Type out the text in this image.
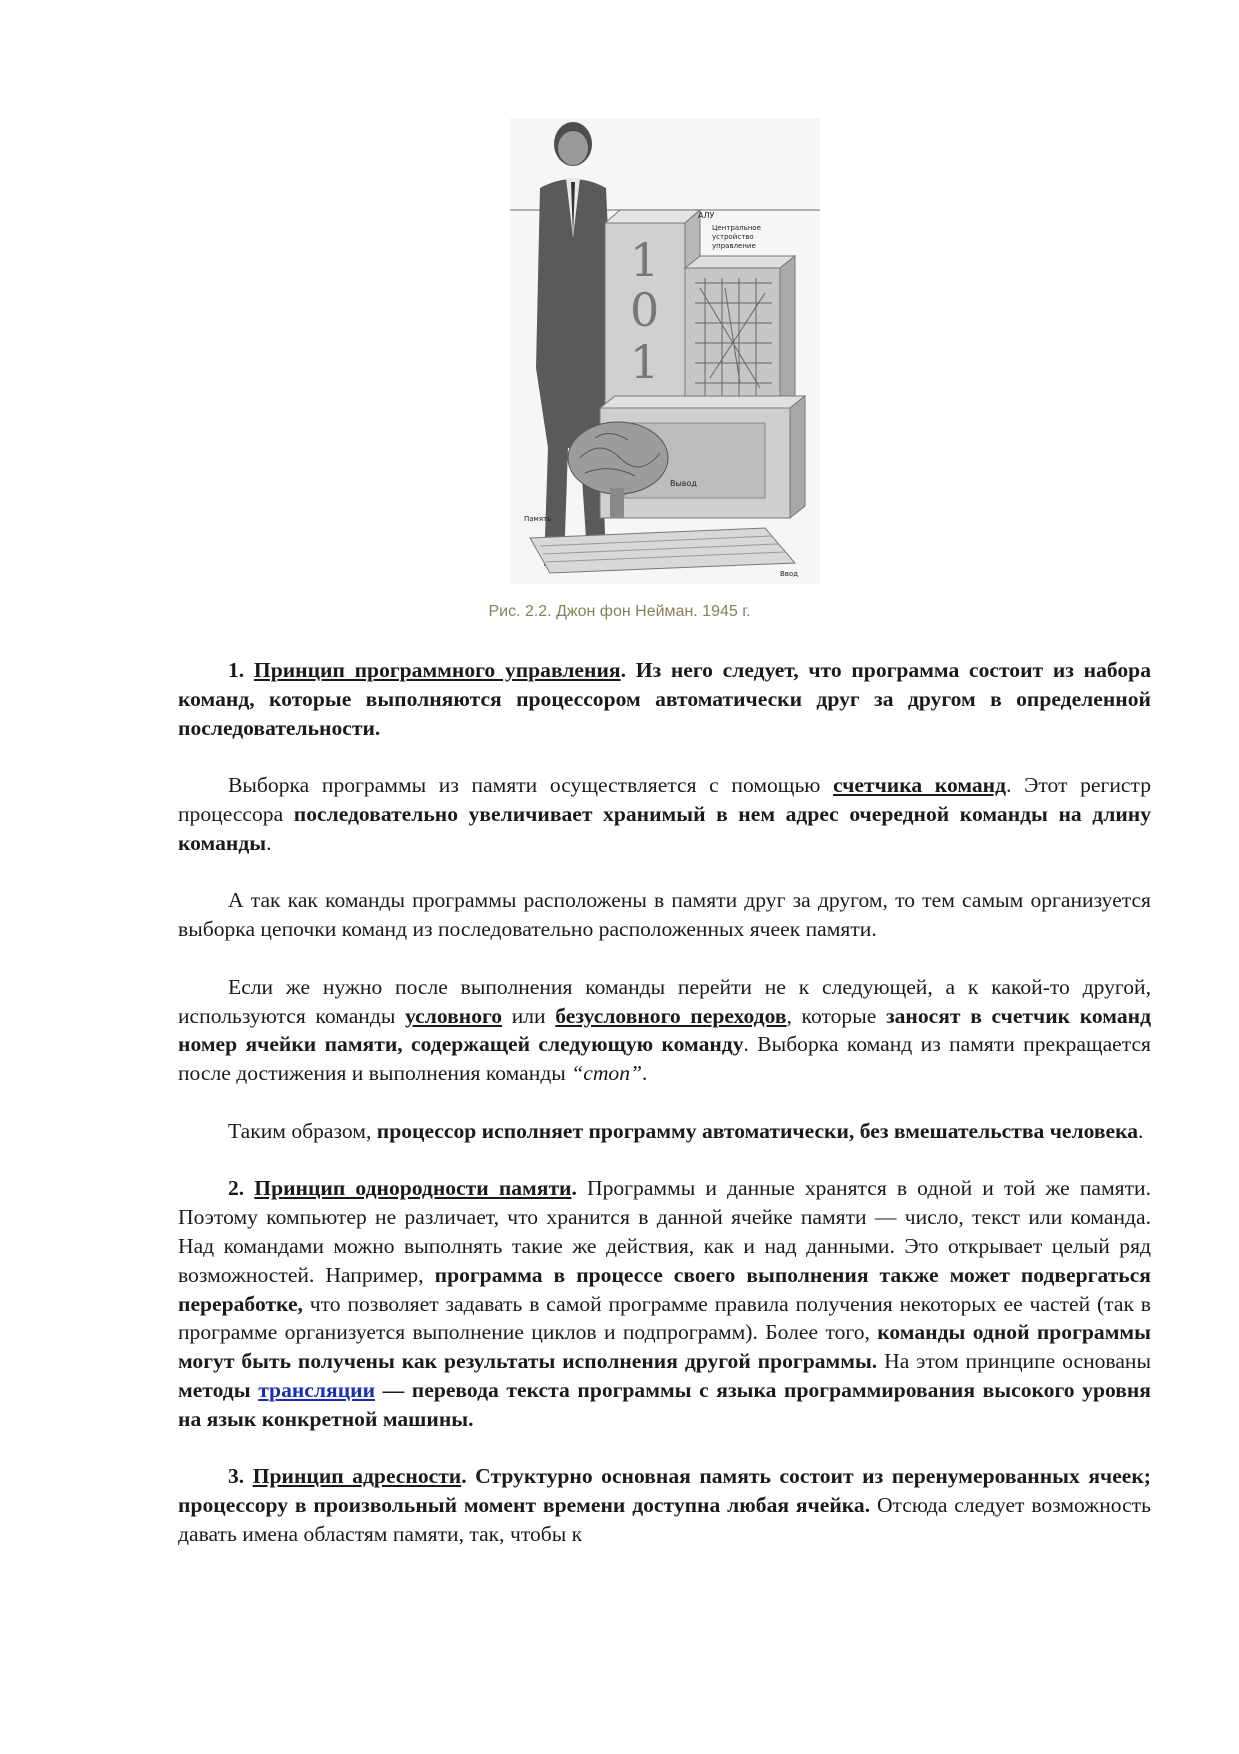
1
0
1
АЛУ
Центральное
устройство
управление
Вывод
Память
Ввод
Рис. 2.2. Джон фон Нейман. 1945 г.

1. Принцип программного управления. Из него следует, что программа состоит из набора команд, которые выполняются процессором автоматически друг за другом в определенной последовательности.

Выборка программы из памяти осуществляется с помощью счетчика команд. Этот регистр процессора последовательно увеличивает хранимый в нем адрес очередной команды на длину команды.

А так как команды программы расположены в памяти друг за другом, то тем самым организуется выборка цепочки команд из последовательно расположенных ячеек памяти.

Если же нужно после выполнения команды перейти не к следующей, а к какой-то другой, используются команды условного или безусловного переходов, которые заносят в счетчик команд номер ячейки памяти, содержащей следующую команду. Выборка команд из памяти прекращается после достижения и выполнения команды “стоп”.

Таким образом, процессор исполняет программу автоматически, без вмешательства человека.

2. Принцип однородности памяти. Программы и данные хранятся в одной и той же памяти. Поэтому компьютер не различает, что хранится в данной ячейке памяти — число, текст или команда. Над командами можно выполнять такие же действия, как и над данными. Это открывает целый ряд возможностей. Например, программа в процессе своего выполнения также может подвергаться переработке, что позволяет задавать в самой программе правила получения некоторых ее частей (так в программе организуется выполнение циклов и подпрограмм). Более того, команды одной программы могут быть получены как результаты исполнения другой программы. На этом принципе основаны методы трансляции — перевода текста программы с языка программирования высокого уровня на язык конкретной машины.

3. Принцип адресности. Структурно основная память состоит из перенумерованных ячеек; процессору в произвольный момент времени доступна любая ячейка. Отсюда следует возможность давать имена областям памяти, так, чтобы к
